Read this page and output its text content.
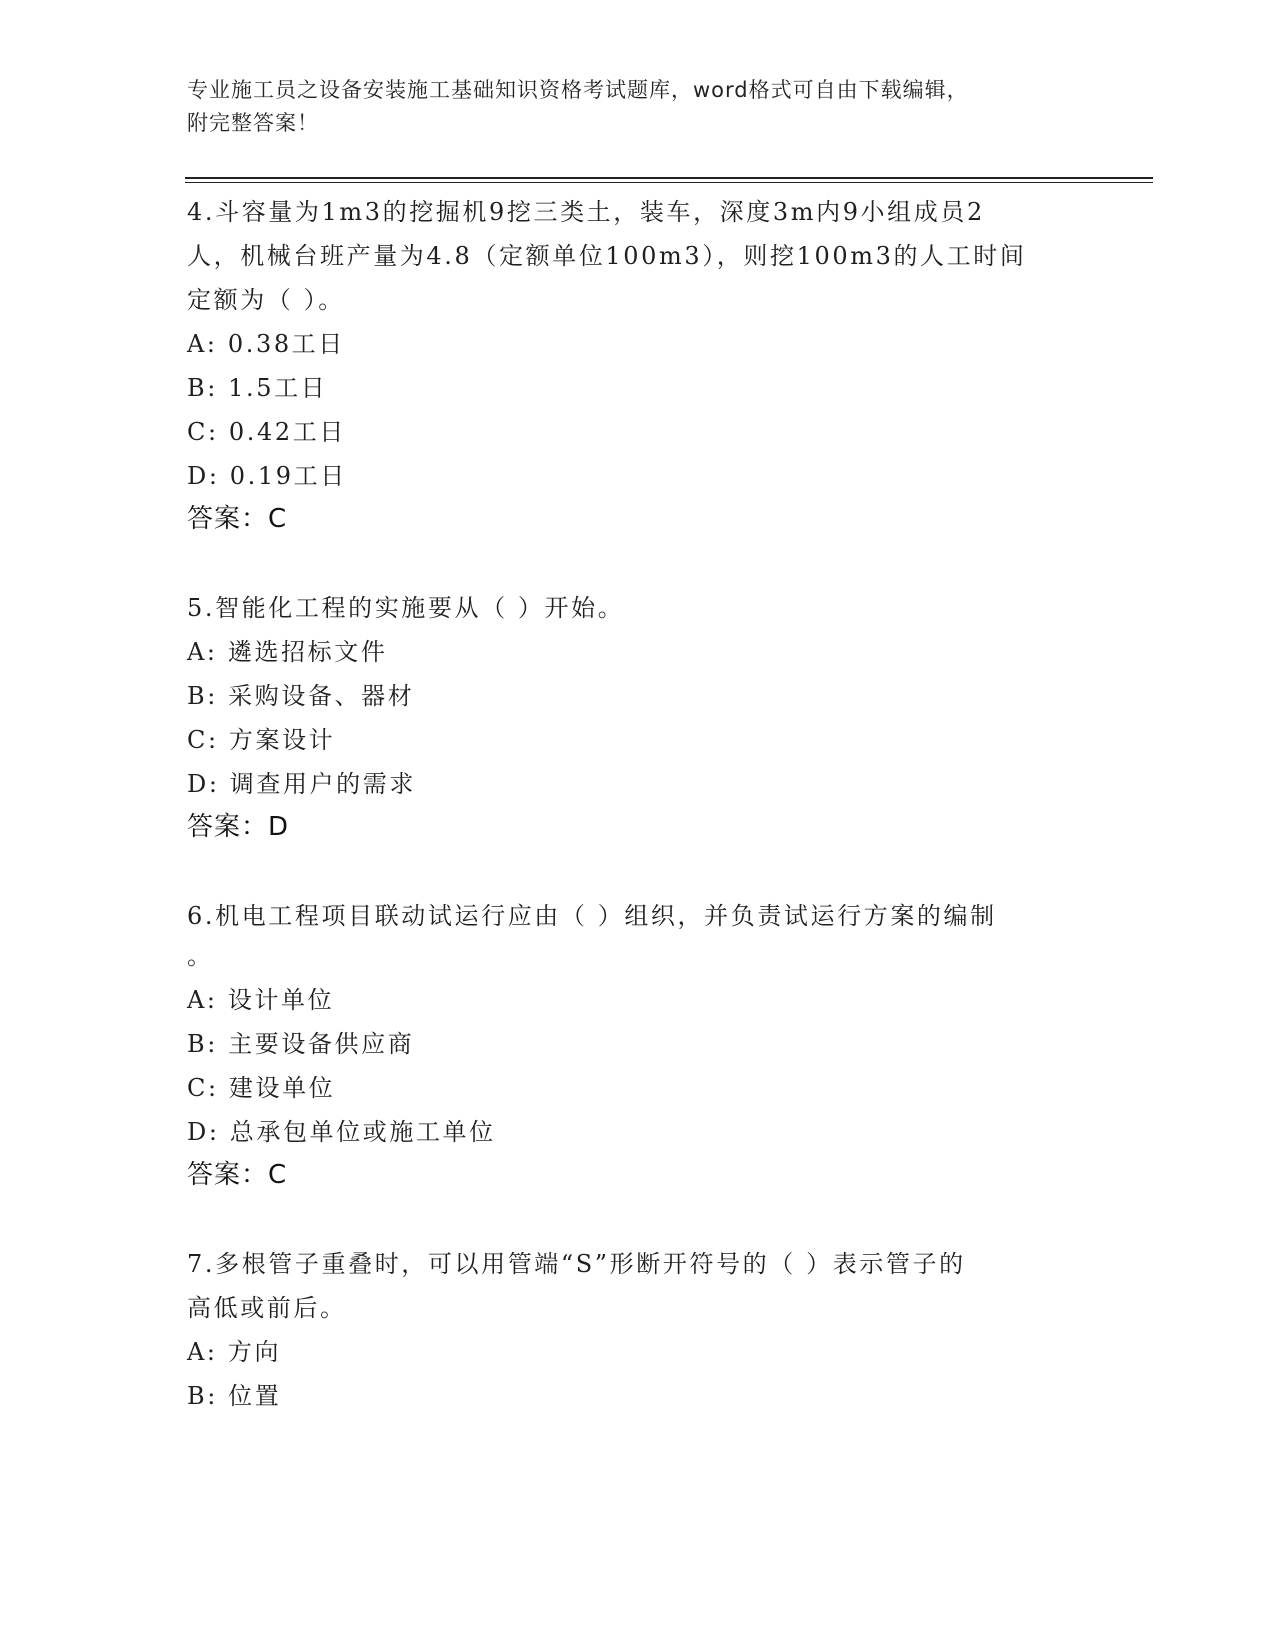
专业施工员之设备安装施工基础知识资格考试题库，word格式可自由下载编辑，
附完整答案！
4.斗容量为1m3的挖掘机9挖三类土，装车，深度3m内9小组成员2
人，机械台班产量为4.8（定额单位100m3），则挖100m3的人工时间
定额为（ ）。
A: 0.38工日
B: 1.5工日
C: 0.42工日
D: 0.19工日
答案：C
5.智能化工程的实施要从（ ）开始。
A: 遴选招标文件
B: 采购设备、器材
C: 方案设计
D: 调查用户的需求
答案：D
6.机电工程项目联动试运行应由（ ）组织，并负责试运行方案的编制
。
A: 设计单位
B: 主要设备供应商
C: 建设单位
D: 总承包单位或施工单位
答案：C
7.多根管子重叠时，可以用管端“S”形断开符号的（ ）表示管子的
高低或前后。
A: 方向
B: 位置
